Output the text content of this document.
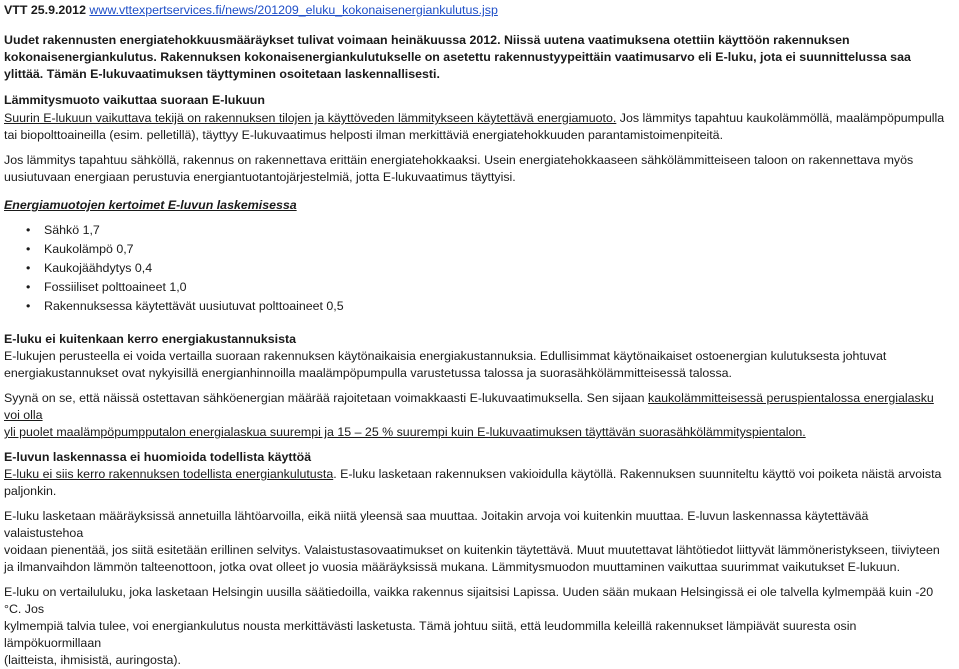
VTT 25.9.2012 www.vttexpertservices.fi/news/201209_eluku_kokonaisenergiankulutus.jsp

Uudet rakennusten energiatehokkuusmääräykset tulivat voimaan heinäkuussa 2012. Niissä uutena vaatimuksena otettiin käyttöön rakennuksen

kokonaisenergiankulutus. Rakennuksen kokonaisenergiankulutukselle on asetettu rakennustyypeittäin vaatimusarvo eli E-luku, jota ei suunnittelussa saa

ylittää. Tämän E-lukuvaatimuksen täyttyminen osoitetaan laskennallisesti.

Lämmitysmuoto vaikuttaa suoraan E-lukuun

Suurin E-lukuun vaikuttava tekijä on rakennuksen tilojen ja käyttöveden lämmitykseen käytettävä energiamuoto. Jos lämmitys tapahtuu kaukolämmöllä, maalämpöpumpulla
tai biopolttoaineilla (esim. pelletillä), täyttyy E-lukuvaatimus helposti ilman merkittäviä energiatehokkuuden parantamistoimenpiteitä.

Jos lämmitys tapahtuu sähköllä, rakennus on rakennettava erittäin energiatehokkaaksi. Usein energiatehokkaaseen sähkölämmitteiseen taloon on rakennettava myös

uusiutuvaan energiaan perustuvia energiantuotantojärjestelmiä, jotta E-lukuvaatimus täyttyisi.

Energiamuotojen kertoimet E-luvun laskemisessa

• Sähkö 1,7
• Kaukolämpö 0,7
• Kaukojäähdytys 0,4
• Fossiiliset polttoaineet 1,0
• Rakennuksessa käytettävät uusiutuvat polttoaineet 0,5

E-luku ei kuitenkaan kerro energiakustannuksista

E-lukujen perusteella ei voida vertailla suoraan rakennuksen käytönaikaisia energiakustannuksia. Edullisimmat käytönaikaiset ostoenergian kulutuksesta johtuvat

energiakustannukset ovat nykyisillä energianhinnoilla maalämpöpumpulla varustetussa talossa ja suorasähkölämmitteisessä talossa.

Syynä on se, että näissä ostettavan sähköenergian määrää rajoitetaan voimakkaasti E-lukuvaatimuksella. Sen sijaan kaukolämmitteisessä peruspientalossa energialasku voi olla
yli puolet maalämpöpumpputalon energialaskua suurempi ja 15 – 25 % suurempi kuin E-lukuvaatimuksen täyttävän suorasähkölämmityspientalon.

E-luvun laskennassa ei huomioida todellista käyttöä

E-luku ei siis kerro rakennuksen todellista energiankulutusta. E-luku lasketaan rakennuksen vakioidulla käytöllä. Rakennuksen suunniteltu käyttö voi poiketa näistä arvoista
paljonkin.

E-luku lasketaan määräyksissä annetuilla lähtöarvoilla, eikä niitä yleensä saa muuttaa. Joitakin arvoja voi kuitenkin muuttaa. E-luvun laskennassa käytettävää valaistustehoa

voidaan pienentää, jos siitä esitetään erillinen selvitys. Valaistustasovaatimukset on kuitenkin täytettävä. Muut muutettavat lähtötiedot liittyvät lämmöneristykseen, tiiviyteen

ja ilmanvaihdon lämmön talteenottoon, jotka ovat olleet jo vuosia määräyksissä mukana. Lämmitysmuodon muuttaminen vaikuttaa suurimmat vaikutukset E-lukuun.

E-luku on vertailuluku, joka lasketaan Helsingin uusilla säätiedoilla, vaikka rakennus sijaitsisi Lapissa. Uuden sään mukaan Helsingissä ei ole talvella kylmempää kuin -20 °C. Jos

kylmempiä talvia tulee, voi energiankulutus nousta merkittävästi lasketusta. Tämä johtuu siitä, että leudommilla keleillä rakennukset lämpiävät suuresta osin lämpökuormillaan

(laitteista, ihmisistä, auringosta).
